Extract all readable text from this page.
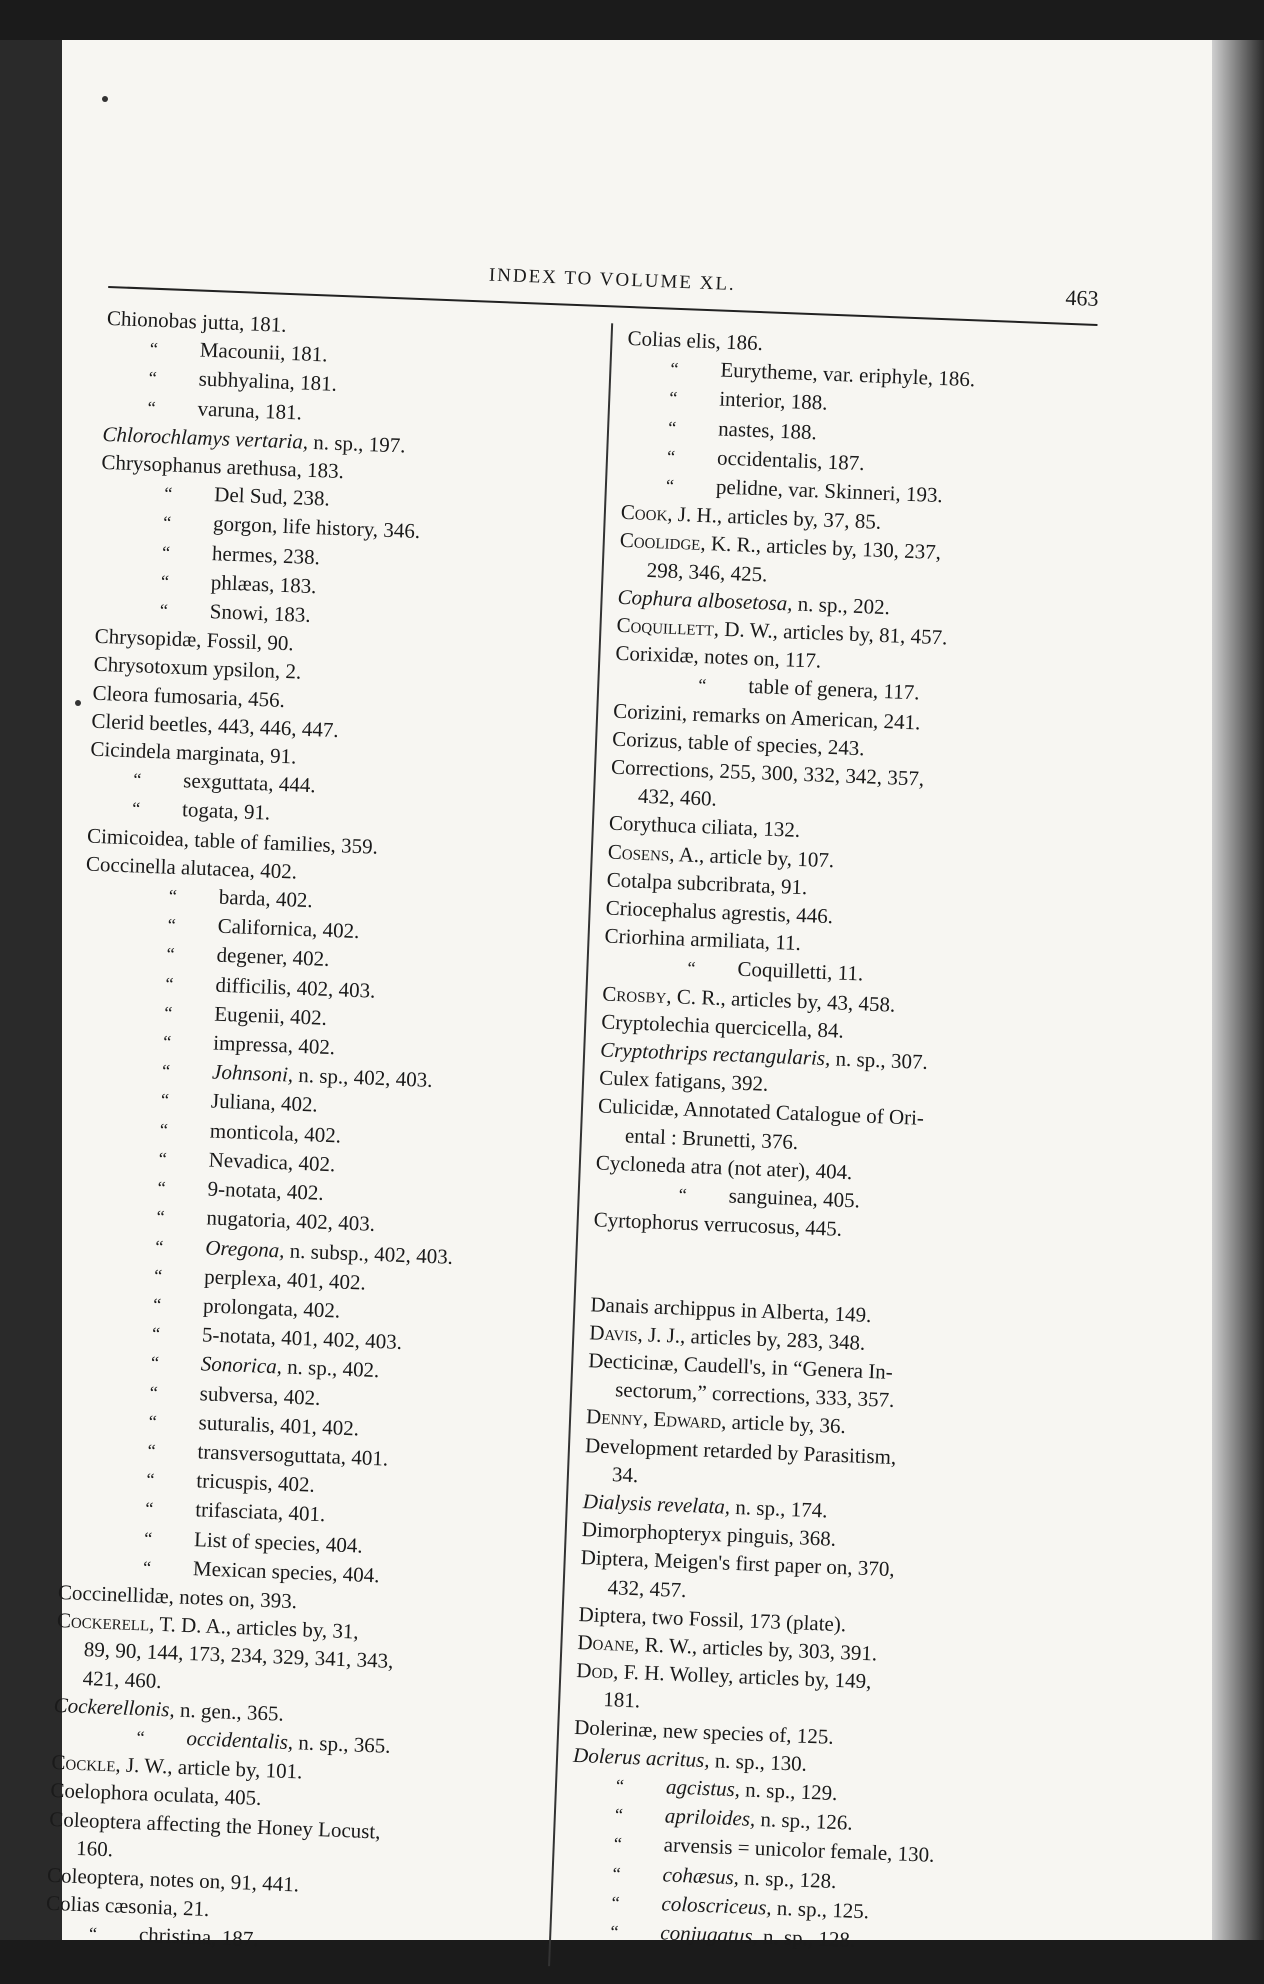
INDEX TO VOLUME XL.
463
Chionobas jutta, 181.
“ Macounii, 181.
“ subhyalina, 181.
“ varuna, 181.
Chlorochlamys vertaria, n. sp., 197.
Chrysophanus arethusa, 183.
“ Del Sud, 238.
“ gorgon, life history, 346.
“ hermes, 238.
“ phlæas, 183.
“ Snowi, 183.
Chrysopidæ, Fossil, 90.
Chrysotoxum ypsilon, 2.
Cleora fumosaria, 456.
Clerid beetles, 443, 446, 447.
Cicindela marginata, 91.
“ sexguttata, 444.
“ togata, 91.
Cimicoidea, table of families, 359.
Coccinella alutacea, 402.
“ barda, 402.
“ Californica, 402.
“ degener, 402.
“ difficilis, 402, 403.
“ Eugenii, 402.
“ impressa, 402.
“ Johnsoni, n. sp., 402, 403.
“ Juliana, 402.
“ monticola, 402.
“ Nevadica, 402.
“ 9-notata, 402.
“ nugatoria, 402, 403.
“ Oregona, n. subsp., 402, 403.
“ perplexa, 401, 402.
“ prolongata, 402.
“ 5-notata, 401, 402, 403.
“ Sonorica, n. sp., 402.
“ subversa, 402.
“ suturalis, 401, 402.
“ transversoguttata, 401.
“ tricuspis, 402.
“ trifasciata, 401.
“ List of species, 404.
“ Mexican species, 404.
Coccinellidæ, notes on, 393.
Cockerell, T. D. A., articles by, 31,
89, 90, 144, 173, 234, 329, 341, 343,
421, 460.
Cockerellonis, n. gen., 365.
“ occidentalis, n. sp., 365.
Cockle, J. W., article by, 101.
Coelophora oculata, 405.
Coleoptera affecting the Honey Locust,
160.
Coleoptera, notes on, 91, 441.
Colias cæsonia, 21.
“ christina, 187.
Colias elis, 186.
“ Eurytheme, var. eriphyle, 186.
“ interior, 188.
“ nastes, 188.
“ occidentalis, 187.
“ pelidne, var. Skinneri, 193.
Cook, J. H., articles by, 37, 85.
Coolidge, K. R., articles by, 130, 237,
298, 346, 425.
Cophura albosetosa, n. sp., 202.
Coquillett, D. W., articles by, 81, 457.
Corixidæ, notes on, 117.
“ table of genera, 117.
Corizini, remarks on American, 241.
Corizus, table of species, 243.
Corrections, 255, 300, 332, 342, 357,
432, 460.
Corythuca ciliata, 132.
Cosens, A., article by, 107.
Cotalpa subcribrata, 91.
Criocephalus agrestis, 446.
Criorhina armiliata, 11.
“ Coquilletti, 11.
Crosby, C. R., articles by, 43, 458.
Cryptolechia quercicella, 84.
Cryptothrips rectangularis, n. sp., 307.
Culex fatigans, 392.
Culicidæ, Annotated Catalogue of Ori-
ental : Brunetti, 376.
Cycloneda atra (not ater), 404.
“ sanguinea, 405.
Cyrtophorus verrucosus, 445.
Danais archippus in Alberta, 149.
Davis, J. J., articles by, 283, 348.
Decticinæ, Caudell's, in “Genera In-
sectorum,” corrections, 333, 357.
Denny, Edward, article by, 36.
Development retarded by Parasitism,
34.
Dialysis revelata, n. sp., 174.
Dimorphopteryx pinguis, 368.
Diptera, Meigen's first paper on, 370,
432, 457.
Diptera, two Fossil, 173 (plate).
Doane, R. W., articles by, 303, 391.
Dod, F. H. Wolley, articles by, 149,
181.
Dolerinæ, new species of, 125.
Dolerus acritus, n. sp., 130.
“ agcistus, n. sp., 129.
“ apriloides, n. sp., 126.
“ arvensis = unicolor female, 130.
“ cohæsus, n. sp., 128.
“ coloscriceus, n. sp., 125.
“ conjugatus, n. sp., 128.
